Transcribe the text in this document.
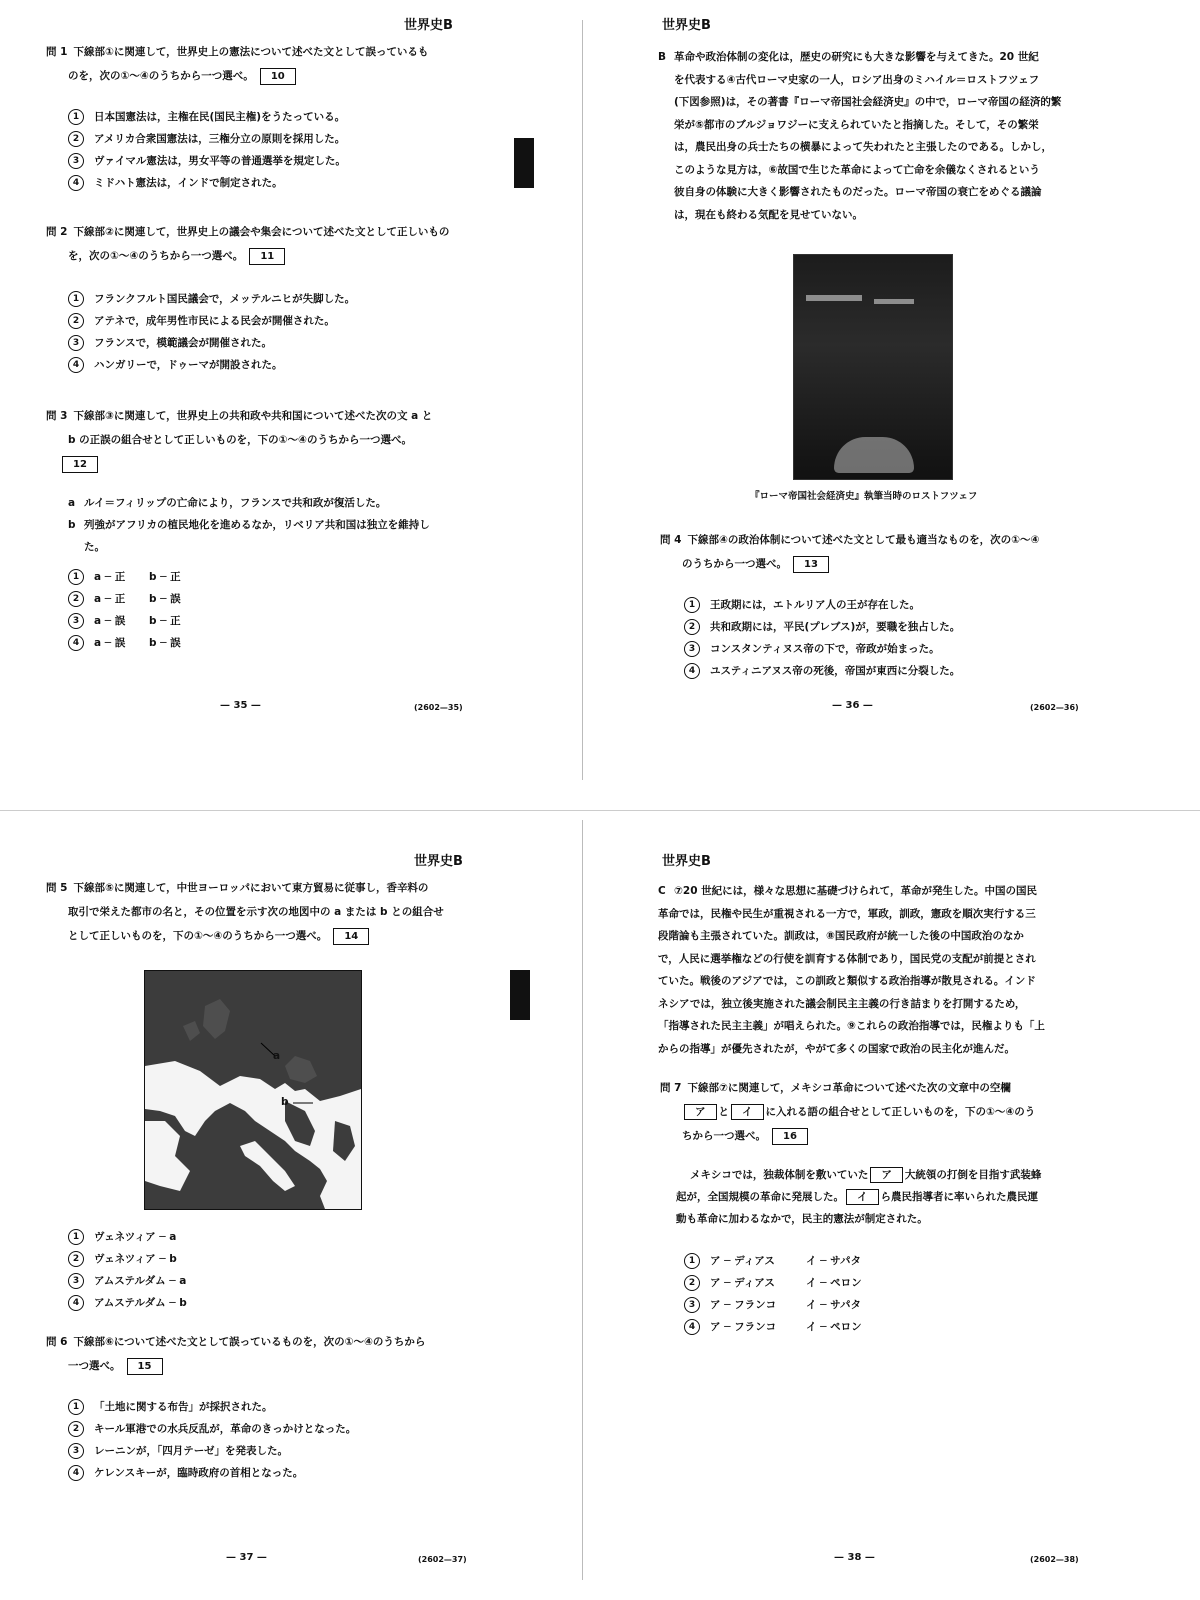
世界史B
問 1 下線部①に関連して，世界史上の憲法について述べた文として誤っているも
のを，次の①〜④のうちから一つ選べ。 10
1 日本国憲法は，主権在民(国民主権)をうたっている。
2 アメリカ合衆国憲法は，三権分立の原則を採用した。
3 ヴァイマル憲法は，男女平等の普通選挙を規定した。
4 ミドハト憲法は，インドで制定された。
問 2 下線部②に関連して，世界史上の議会や集会について述べた文として正しいもの
を，次の①〜④のうちから一つ選べ。 11
1 フランクフルト国民議会で，メッテルニヒが失脚した。
2 アテネで，成年男性市民による民会が開催された。
3 フランスで，模範議会が開催された。
4 ハンガリーで，ドゥーマが開設された。
問 3 下線部③に関連して，世界史上の共和政や共和国について述べた次の文 a と
b の正誤の組合せとして正しいものを，下の①〜④のうちから一つ選べ。
12
a ルイ＝フィリップの亡命により，フランスで共和政が復活した。
b 列強がアフリカの植民地化を進めるなか，リベリア共和国は独立を維持し
た。
1 a ─ 正 b ─ 正
2 a ─ 正 b ─ 誤
3 a ─ 誤 b ─ 正
4 a ─ 誤 b ─ 誤
— 35 —	(2602—35)
世界史B
B 革命や政治体制の変化は，歴史の研究にも大きな影響を与えてきた。20 世紀
を代表する④古代ローマ史家の一人，ロシア出身のミハイル＝ロストフツェフ
(下図参照)は，その著書『ローマ帝国社会経済史』の中で，ローマ帝国の経済的繁
栄が⑤都市のブルジョワジーに支えられていたと指摘した。そして，その繁栄
は，農民出身の兵士たちの横暴によって失われたと主張したのである。しかし，
このような見方は，⑥故国で生じた革命によって亡命を余儀なくされるという
彼自身の体験に大きく影響されたものだった。ローマ帝国の衰亡をめぐる議論
は，現在も終わる気配を見せていない。
『ローマ帝国社会経済史』執筆当時のロストフツェフ
問 4 下線部④の政治体制について述べた文として最も適当なものを，次の①〜④
のうちから一つ選べ。 13
1 王政期には，エトルリア人の王が存在した。
2 共和政期には，平民(プレブス)が，要職を独占した。
3 コンスタンティヌス帝の下で，帝政が始まった。
4 ユスティニアヌス帝の死後，帝国が東西に分裂した。
— 36 —	(2602—36)
世界史B
問 5 下線部⑤に関連して，中世ヨーロッパにおいて東方貿易に従事し，香辛料の
取引で栄えた都市の名と，その位置を示す次の地図中の a または b との組合せ
として正しいものを，下の①〜④のうちから一つ選べ。 14
a
b
1 ヴェネツィア ─ a
2 ヴェネツィア ─ b
3 アムステルダム ─ a
4 アムステルダム ─ b
問 6 下線部⑥について述べた文として誤っているものを，次の①〜④のうちから
一つ選べ。 15
1 「土地に関する布告」が採択された。
2 キール軍港での水兵反乱が，革命のきっかけとなった。
3 レーニンが，「四月テーゼ」を発表した。
4 ケレンスキーが，臨時政府の首相となった。
— 37 —	(2602—37)
世界史B
C ⑦20 世紀には，様々な思想に基礎づけられて，革命が発生した。中国の国民
革命では，民権や民生が重視される一方で，軍政，訓政，憲政を順次実行する三
段階論も主張されていた。訓政は，⑧国民政府が統一した後の中国政治のなか
で，人民に選挙権などの行使を訓育する体制であり，国民党の支配が前提とされ
ていた。戦後のアジアでは，この訓政と類似する政治指導が散見される。インド
ネシアでは，独立後実施された議会制民主主義の行き詰まりを打開するため，
「指導された民主主義」が唱えられた。⑨これらの政治指導では，民権よりも「上
からの指導」が優先されたが，やがて多くの国家で政治の民主化が進んだ。
問 7 下線部⑦に関連して，メキシコ革命について述べた次の文章中の空欄
ア と イ に入れる語の組合せとして正しいものを，下の①〜④のう
ちから一つ選べ。 16
メキシコでは，独裁体制を敷いていた ア 大統領の打倒を目指す武装蜂
起が，全国規模の革命に発展した。 イ ら農民指導者に率いられた農民運
動も革命に加わるなかで，民主的憲法が制定された。
1 ア ─ ディアス	イ ─ サパタ
2 ア ─ ディアス	イ ─ ペロン
3 ア ─ フランコ	イ ─ サパタ
4 ア ─ フランコ	イ ─ ペロン
— 38 —	(2602—38)
